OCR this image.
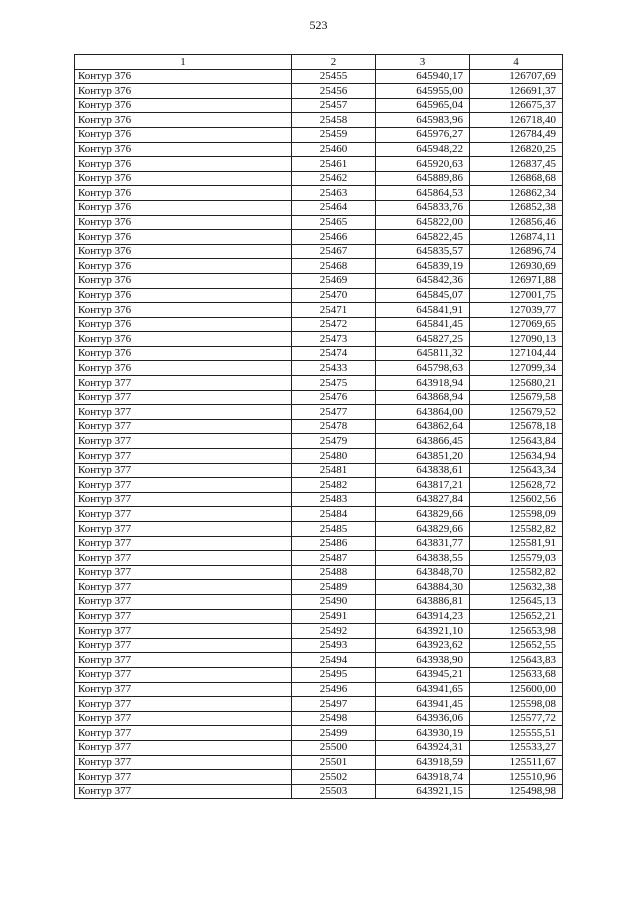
523
1	2	3	4
Контур 376	25455	645940,17	126707,69
Контур 376	25456	645955,00	126691,37
Контур 376	25457	645965,04	126675,37
Контур 376	25458	645983,96	126718,40
Контур 376	25459	645976,27	126784,49
Контур 376	25460	645948,22	126820,25
Контур 376	25461	645920,63	126837,45
Контур 376	25462	645889,86	126868,68
Контур 376	25463	645864,53	126862,34
Контур 376	25464	645833,76	126852,38
Контур 376	25465	645822,00	126856,46
Контур 376	25466	645822,45	126874,11
Контур 376	25467	645835,57	126896,74
Контур 376	25468	645839,19	126930,69
Контур 376	25469	645842,36	126971,88
Контур 376	25470	645845,07	127001,75
Контур 376	25471	645841,91	127039,77
Контур 376	25472	645841,45	127069,65
Контур 376	25473	645827,25	127090,13
Контур 376	25474	645811,32	127104,44
Контур 376	25433	645798,63	127099,34
Контур 377	25475	643918,94	125680,21
Контур 377	25476	643868,94	125679,58
Контур 377	25477	643864,00	125679,52
Контур 377	25478	643862,64	125678,18
Контур 377	25479	643866,45	125643,84
Контур 377	25480	643851,20	125634,94
Контур 377	25481	643838,61	125643,34
Контур 377	25482	643817,21	125628,72
Контур 377	25483	643827,84	125602,56
Контур 377	25484	643829,66	125598,09
Контур 377	25485	643829,66	125582,82
Контур 377	25486	643831,77	125581,91
Контур 377	25487	643838,55	125579,03
Контур 377	25488	643848,70	125582,82
Контур 377	25489	643884,30	125632,38
Контур 377	25490	643886,81	125645,13
Контур 377	25491	643914,23	125652,21
Контур 377	25492	643921,10	125653,98
Контур 377	25493	643923,62	125652,55
Контур 377	25494	643938,90	125643,83
Контур 377	25495	643945,21	125633,68
Контур 377	25496	643941,65	125600,00
Контур 377	25497	643941,45	125598,08
Контур 377	25498	643936,06	125577,72
Контур 377	25499	643930,19	125555,51
Контур 377	25500	643924,31	125533,27
Контур 377	25501	643918,59	125511,67
Контур 377	25502	643918,74	125510,96
Контур 377	25503	643921,15	125498,98
